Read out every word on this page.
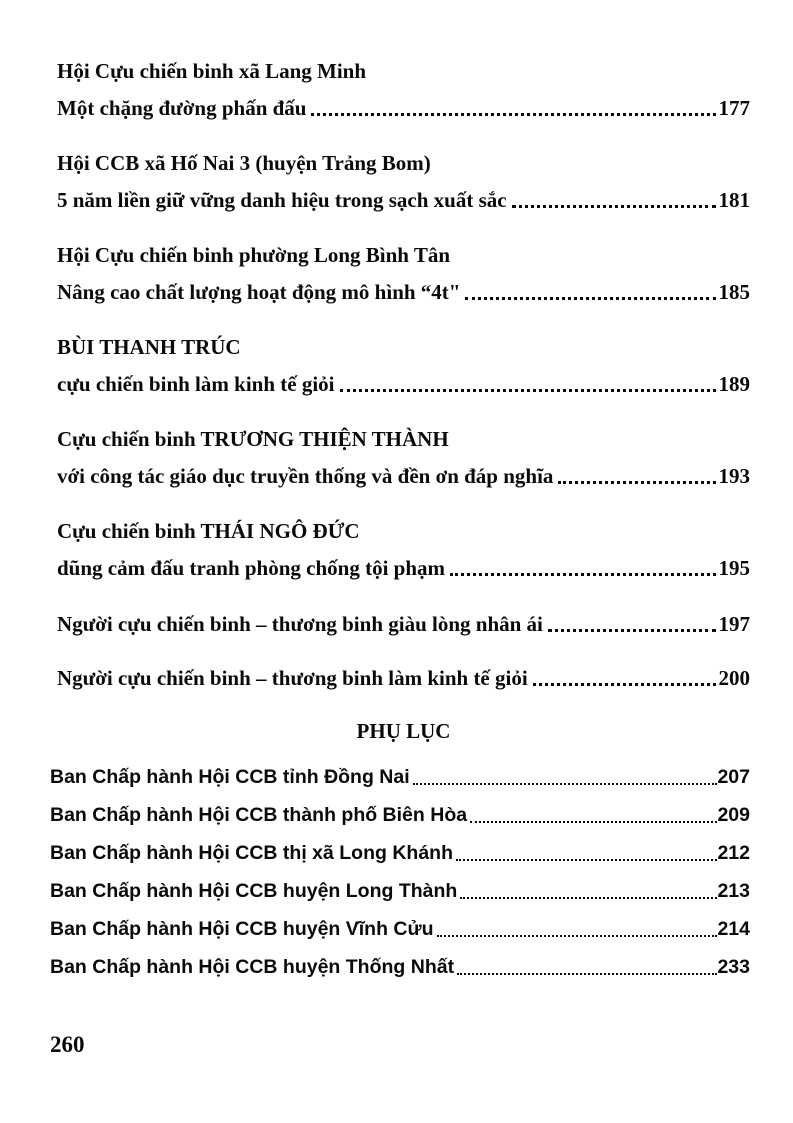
Hội Cựu chiến binh xã Lang Minh
Một chặng đường phấn đấu	177
Hội CCB xã Hố Nai 3 (huyện Trảng Bom)
5 năm liền giữ vững danh hiệu trong sạch xuất sắc	181
Hội Cựu chiến binh phường Long Bình Tân
Nâng cao chất lượng hoạt động mô hình “4t"	185
BÙI THANH TRÚC
cựu chiến binh làm kinh tế giỏi	189
Cựu chiến binh TRƯƠNG THIỆN THÀNH
với công tác giáo dục truyền thống và đền ơn đáp nghĩa	193
Cựu chiến binh THÁI NGÔ ĐỨC
dũng cảm đấu tranh phòng chống tội phạm	195
Người cựu chiến binh – thương binh giàu lòng nhân ái	197
Người cựu chiến binh – thương binh làm kinh tế giỏi	200
PHỤ LỤC
Ban Chấp hành Hội CCB tỉnh Đồng Nai	207
Ban Chấp hành Hội CCB thành phố Biên Hòa	209
Ban Chấp hành Hội CCB thị xã Long Khánh	212
Ban Chấp hành Hội CCB huyện Long Thành	213
Ban Chấp hành Hội CCB huyện Vĩnh Cửu	214
Ban Chấp hành Hội CCB huyện Thống Nhất	233
260
